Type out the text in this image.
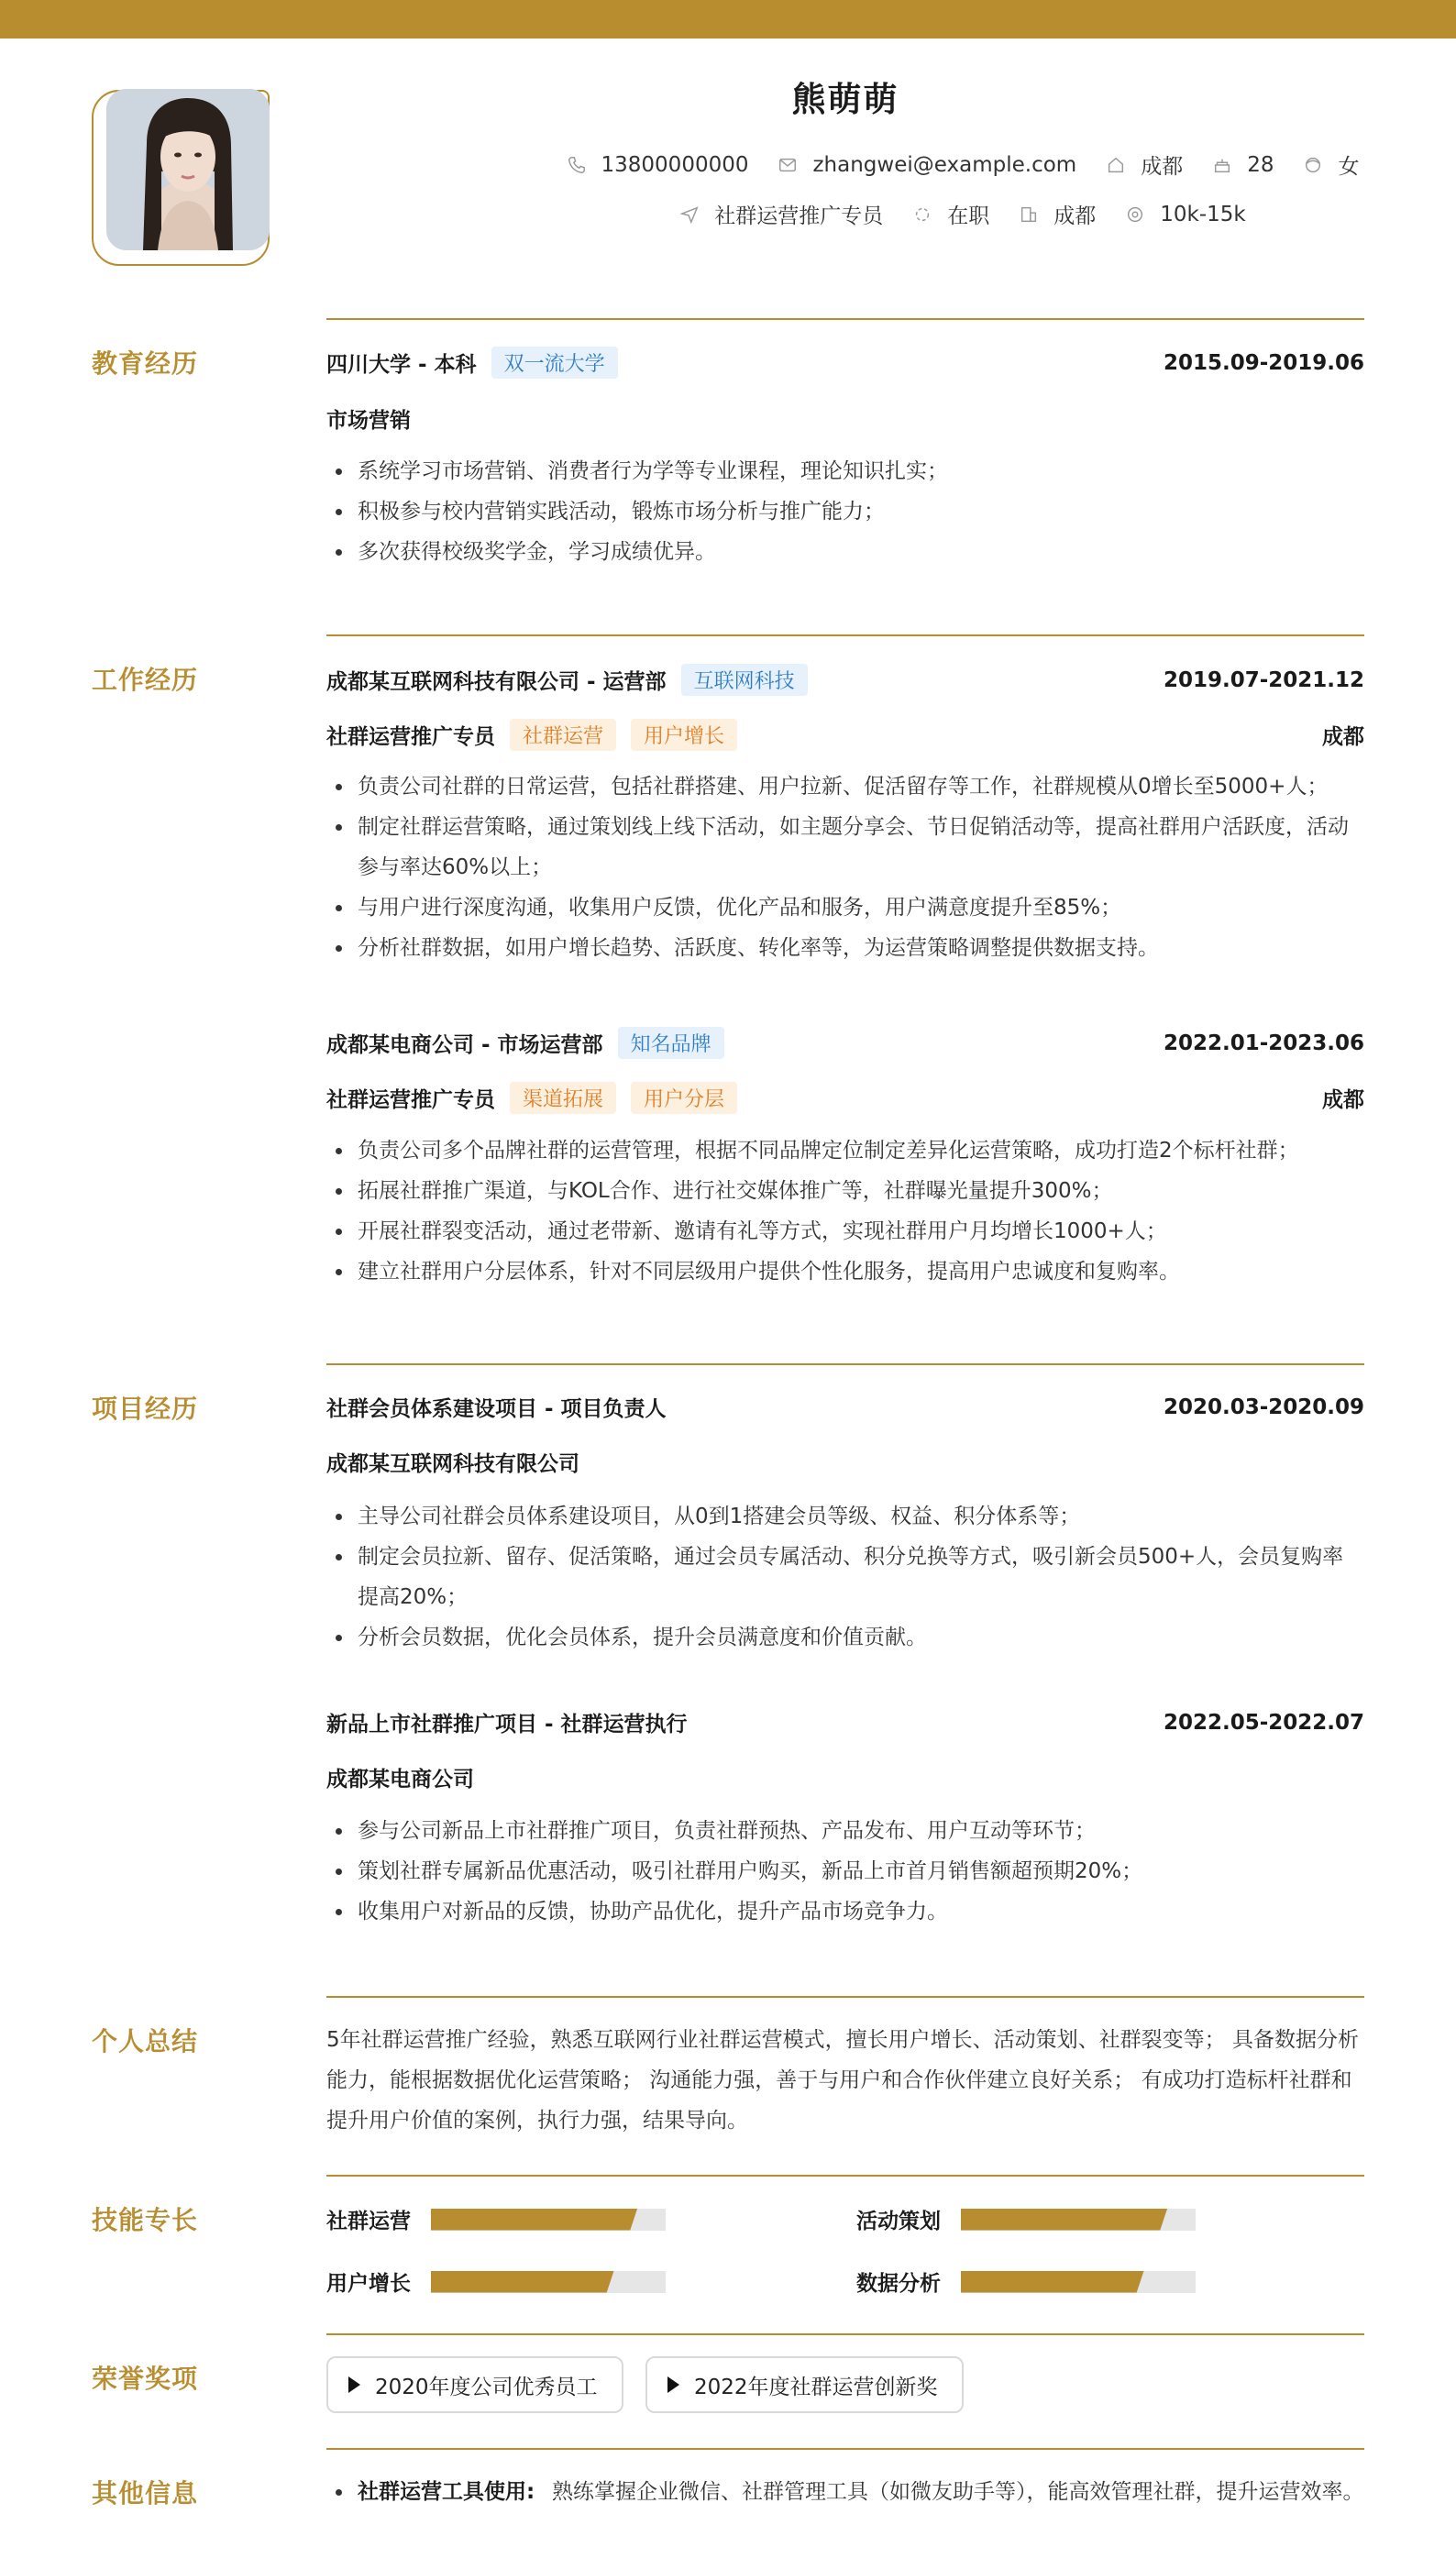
熊萌萌
13800000000	zhangwei@example.com	成都	28	女
社群运营推广专员	在职	成都	10k-15k
教育经历	四川大学 - 本科	双一流大学	2015.09-2019.06
市场营销
系统学习市场营销、消费者行为学等专业课程，理论知识扎实；
积极参与校内营销实践活动，锻炼市场分析与推广能力；
多次获得校级奖学金，学习成绩优异。
工作经历	成都某互联网科技有限公司 - 运营部	互联网科技	2019.07-2021.12
社群运营推广专员	社群运营	用户增长	成都
负责公司社群的日常运营，包括社群搭建、用户拉新、促活留存等工作，社群规模从0增长至5000+人；
制定社群运营策略，通过策划线上线下活动，如主题分享会、节日促销活动等，提高社群用户活跃度，活动参与率达60%以上；
与用户进行深度沟通，收集用户反馈，优化产品和服务，用户满意度提升至85%；
分析社群数据，如用户增长趋势、活跃度、转化率等，为运营策略调整提供数据支持。
成都某电商公司 - 市场运营部	知名品牌	2022.01-2023.06
社群运营推广专员	渠道拓展	用户分层	成都
负责公司多个品牌社群的运营管理，根据不同品牌定位制定差异化运营策略，成功打造2个标杆社群；
拓展社群推广渠道，与KOL合作、进行社交媒体推广等，社群曝光量提升300%；
开展社群裂变活动，通过老带新、邀请有礼等方式，实现社群用户月均增长1000+人；
建立社群用户分层体系，针对不同层级用户提供个性化服务，提高用户忠诚度和复购率。
项目经历	社群会员体系建设项目 - 项目负责人	2020.03-2020.09
成都某互联网科技有限公司
主导公司社群会员体系建设项目，从0到1搭建会员等级、权益、积分体系等；
制定会员拉新、留存、促活策略，通过会员专属活动、积分兑换等方式，吸引新会员500+人，会员复购率提高20%；
分析会员数据，优化会员体系，提升会员满意度和价值贡献。
新品上市社群推广项目 - 社群运营执行	2022.05-2022.07
成都某电商公司
参与公司新品上市社群推广项目，负责社群预热、产品发布、用户互动等环节；
策划社群专属新品优惠活动，吸引社群用户购买，新品上市首月销售额超预期20%；
收集用户对新品的反馈，协助产品优化，提升产品市场竞争力。
个人总结	5年社群运营推广经验，熟悉互联网行业社群运营模式，擅长用户增长、活动策划、社群裂变等； 具备数据分析能力，能根据数据优化运营策略； 沟通能力强，善于与用户和合作伙伴建立良好关系； 有成功打造标杆社群和提升用户价值的案例，执行力强，结果导向。
技能专长	社群运营	活动策划
用户增长	数据分析
荣誉奖项	2020年度公司优秀员工	2022年度社群运营创新奖
其他信息	社群运营工具使用: 熟练掌握企业微信、社群管理工具（如微友助手等），能高效管理社群，提升运营效率。
